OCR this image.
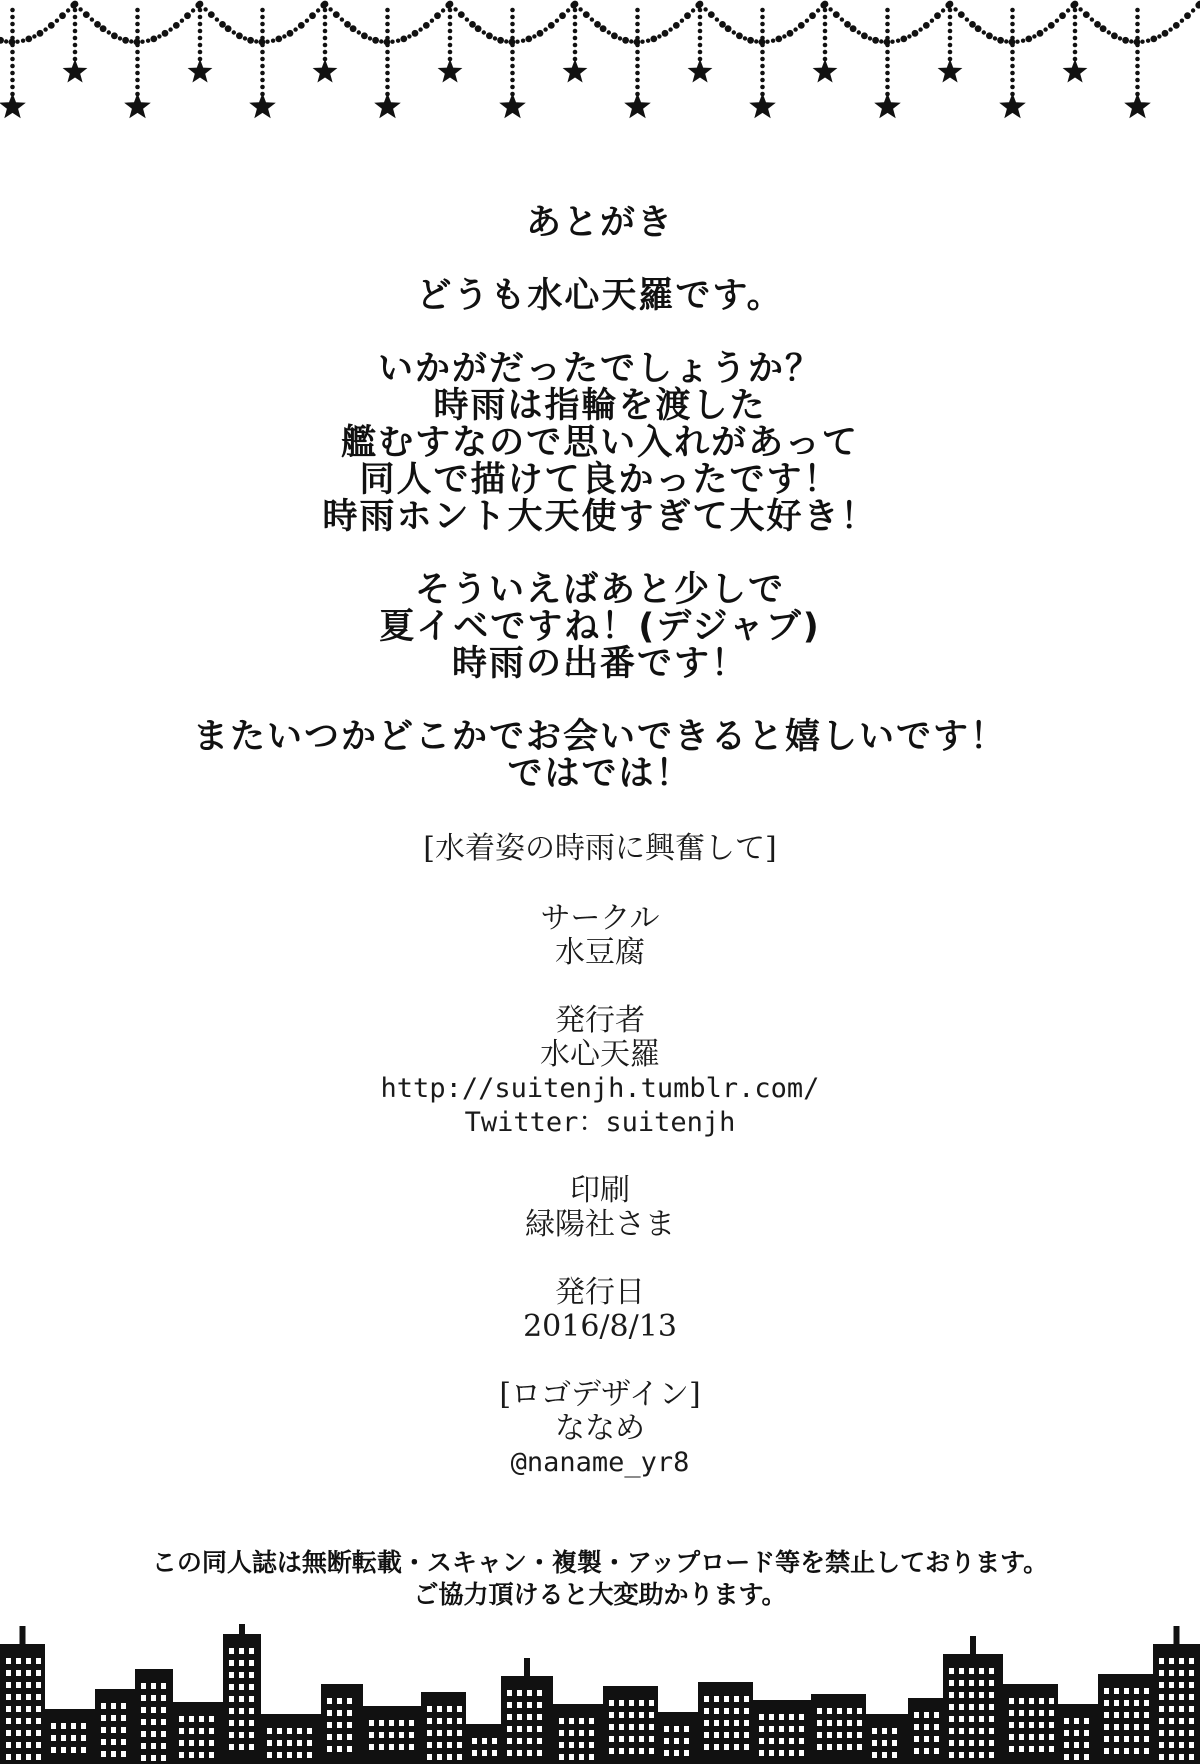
あとがき
どうも水心天羅です。
いかがだったでしょうか？
時雨は指輪を渡した
艦むすなので思い入れがあって
同人で描けて良かったです！
時雨ホント大天使すぎて大好き！
そういえばあと少しで
夏イベですね！(デジャブ)
時雨の出番です！
またいつかどこかでお会いできると嬉しいです！
ではでは！
[水着姿の時雨に興奮して]
サークル
水豆腐
発行者
水心天羅
http://suitenjh.tumblr.com/
Twitter：suitenjh
印刷
緑陽社さま
発行日
2016/8/13
[ロゴデザイン]
ななめ
@naname_yr8
この同人誌は無断転載・スキャン・複製・アップロード等を禁止しております。
ご協力頂けると大変助かります。
